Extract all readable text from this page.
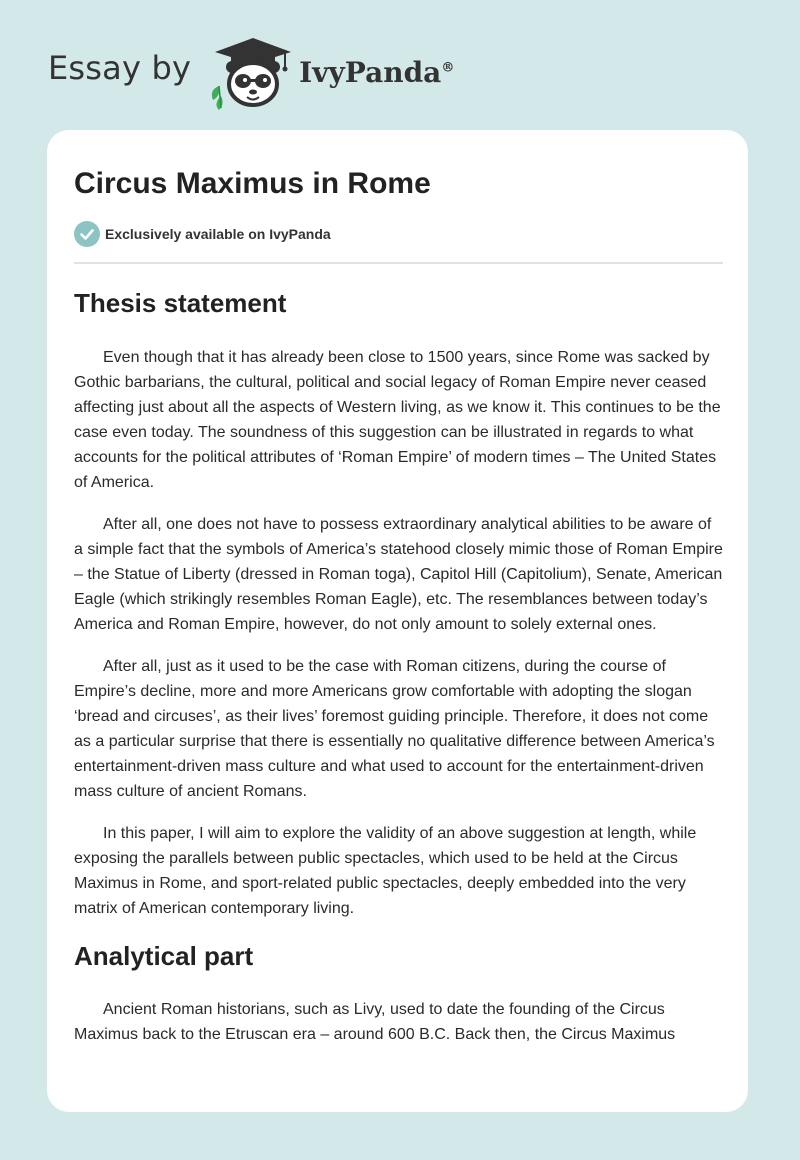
Essay by	IvyPanda®
Circus Maximus in Rome
Exclusively available on IvyPanda
Thesis statement

Even though that it has already been close to 1500 years, since Rome was sacked by Gothic barbarians, the cultural, political and social legacy of Roman Empire never ceased affecting just about all the aspects of Western living, as we know it. This continues to be the case even today. The soundness of this suggestion can be illustrated in regards to what accounts for the political attributes of ‘Roman Empire’ of modern times – The United States of America.

After all, one does not have to possess extraordinary analytical abilities to be aware of a simple fact that the symbols of America’s statehood closely mimic those of Roman Empire – the Statue of Liberty (dressed in Roman toga), Capitol Hill (Capitolium), Senate, American Eagle (which strikingly resembles Roman Eagle), etc. The resemblances between today’s America and Roman Empire, however, do not only amount to solely external ones.

After all, just as it used to be the case with Roman citizens, during the course of Empire’s decline, more and more Americans grow comfortable with adopting the slogan ‘bread and circuses’, as their lives’ foremost guiding principle. Therefore, it does not come as a particular surprise that there is essentially no qualitative difference between America’s entertainment-driven mass culture and what used to account for the entertainment-driven mass culture of ancient Romans.

In this paper, I will aim to explore the validity of an above suggestion at length, while exposing the parallels between public spectacles, which used to be held at the Circus Maximus in Rome, and sport-related public spectacles, deeply embedded into the very matrix of American contemporary living.

Analytical part

Ancient Roman historians, such as Livy, used to date the founding of the Circus Maximus back to the Etruscan era – around 600 B.C. Back then, the Circus Maximus
